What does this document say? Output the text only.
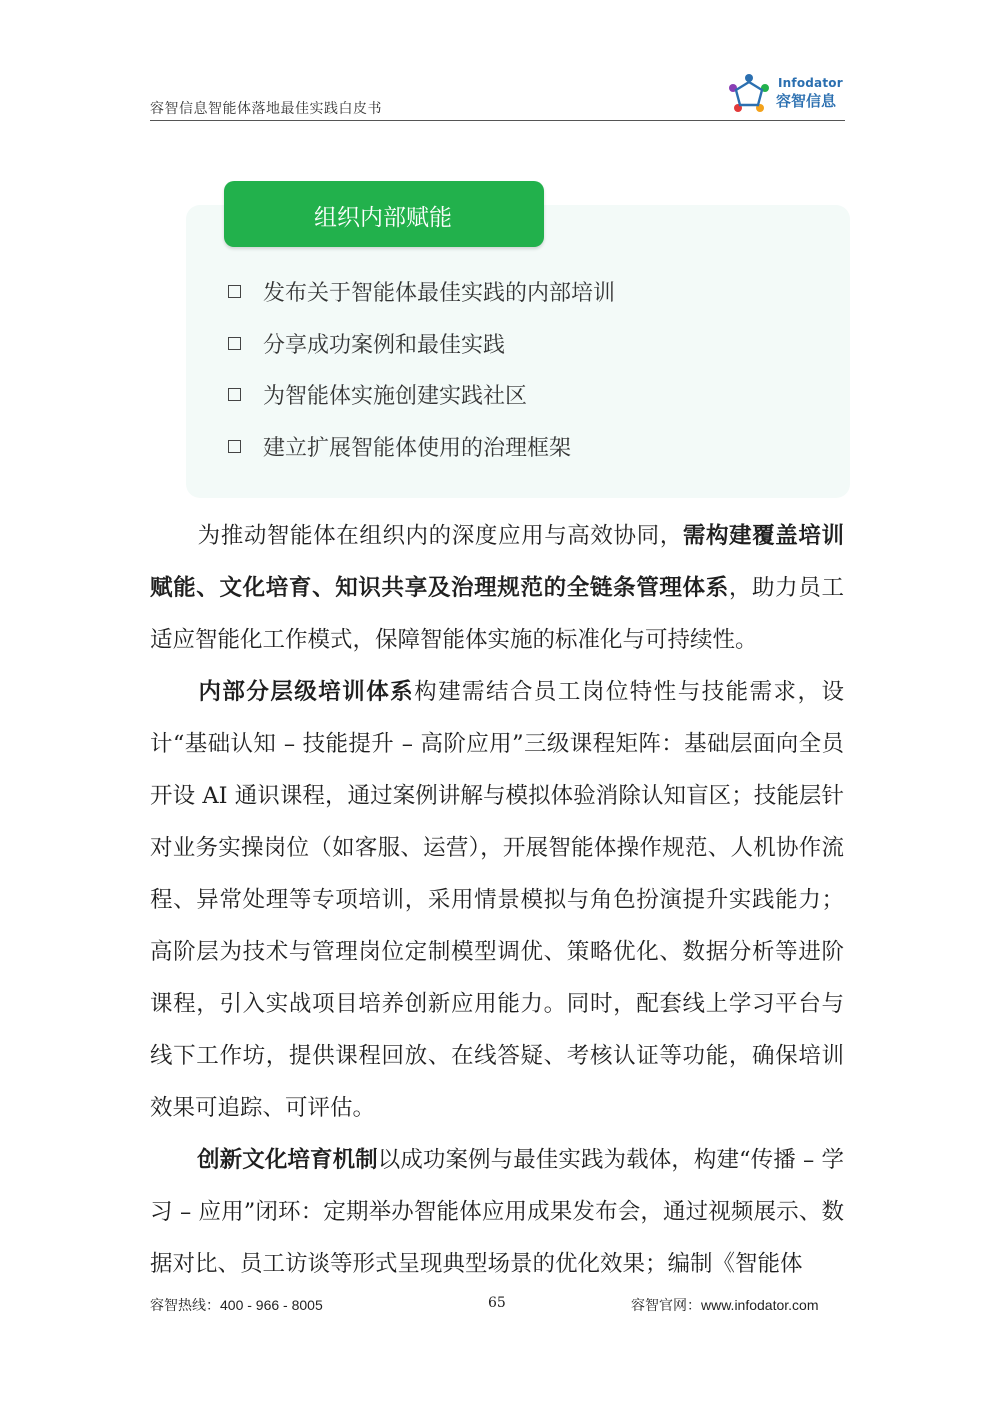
容智信息智能体落地最佳实践白皮书
Infodator
容智信息
组织内部赋能
发布关于智能体最佳实践的内部培训
分享成功案例和最佳实践
为智能体实施创建实践社区
建立扩展智能体使用的治理框架

为推动智能体在组织内的深度应用与高效协同，需构建覆盖培训赋能、文化培育、知识共享及治理规范的全链条管理体系，助力员工适应智能化工作模式，保障智能体实施的标准化与可持续性。

内部分层级培训体系构建需结合员工岗位特性与技能需求，设计“基础认知 – 技能提升 – 高阶应用”三级课程矩阵：基础层面向全员开设 AI 通识课程，通过案例讲解与模拟体验消除认知盲区；技能层针对业务实操岗位（如客服、运营），开展智能体操作规范、人机协作流程、异常处理等专项培训，采用情景模拟与角色扮演提升实践能力；高阶层为技术与管理岗位定制模型调优、策略优化、数据分析等进阶课程，引入实战项目培养创新应用能力。同时，配套线上学习平台与线下工作坊，提供课程回放、在线答疑、考核认证等功能，确保培训效果可追踪、可评估。

创新文化培育机制以成功案例与最佳实践为载体，构建“传播 – 学习 – 应用”闭环：定期举办智能体应用成果发布会，通过视频展示、数据对比、员工访谈等形式呈现典型场景的优化效果；编制《智能体

容智热线：400 - 966 - 8005	65	容智官网：www.infodator.com
